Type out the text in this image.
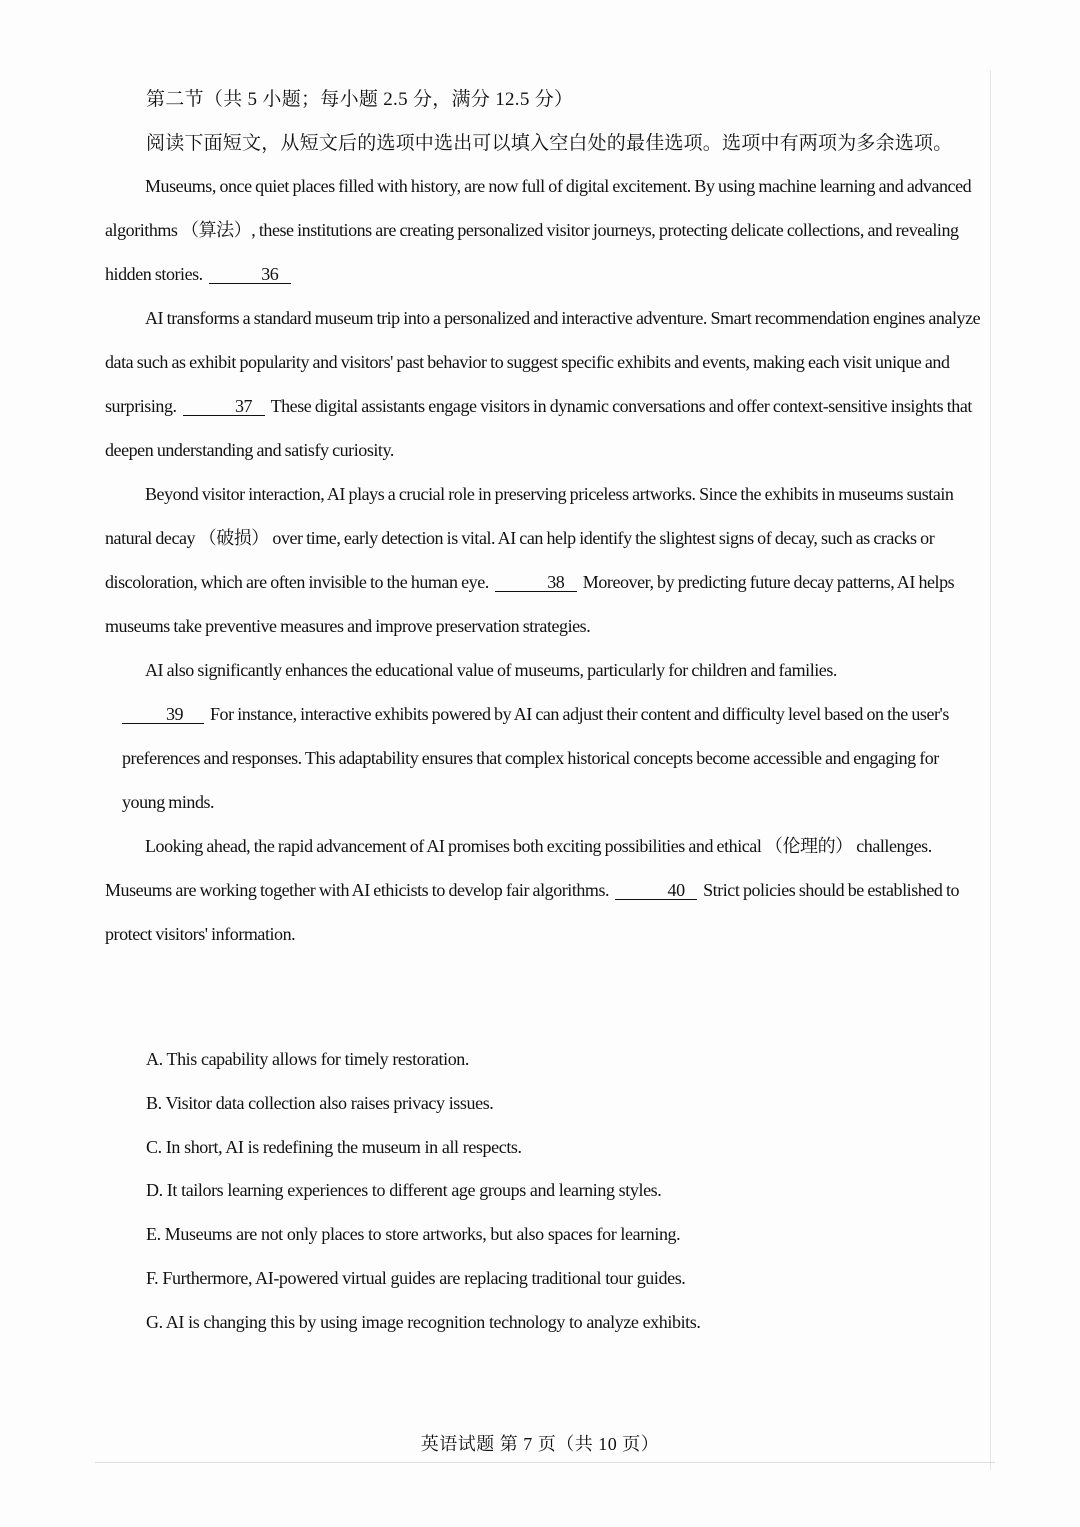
第二节（共 5 小题；每小题 2.5 分，满分 12.5 分）
阅读下面短文，从短文后的选项中选出可以填入空白处的最佳选项。选项中有两项为多余选项。

Museums, once quiet places filled with history, are now full of digital excitement. By using machine learning and advanced algorithms （算法）, these institutions are creating personalized visitor journeys, protecting delicate collections, and revealing hidden stories.	36

AI transforms a standard museum trip into a personalized and interactive adventure. Smart recommendation engines analyze data such as exhibit popularity and visitors' past behavior to suggest specific exhibits and events, making each visit unique and surprising.	37 These digital assistants engage visitors in dynamic conversations and offer context-sensitive insights that deepen understanding and satisfy curiosity.

Beyond visitor interaction, AI plays a crucial role in preserving priceless artworks. Since the exhibits in museums sustain natural decay （破损） over time, early detection is vital. AI can help identify the slightest signs of decay, such as cracks or discoloration, which are often invisible to the human eye.	38 Moreover, by predicting future decay patterns, AI helps museums take preventive measures and improve preservation strategies.

AI also significantly enhances the educational value of museums, particularly for children and families.
39 For instance, interactive exhibits powered by AI can adjust their content and difficulty level based on the user's preferences and responses. This adaptability ensures that complex historical concepts become accessible and engaging for young minds.

Looking ahead, the rapid advancement of AI promises both exciting possibilities and ethical （伦理的） challenges. Museums are working together with AI ethicists to develop fair algorithms.	40 Strict policies should be established to protect visitors' information.

A. This capability allows for timely restoration.
B. Visitor data collection also raises privacy issues.
C. In short, AI is redefining the museum in all respects.
D. It tailors learning experiences to different age groups and learning styles.
E. Museums are not only places to store artworks, but also spaces for learning.
F. Furthermore, AI-powered virtual guides are replacing traditional tour guides.
G. AI is changing this by using image recognition technology to analyze exhibits.
英语试题 第 7 页（共 10 页）
